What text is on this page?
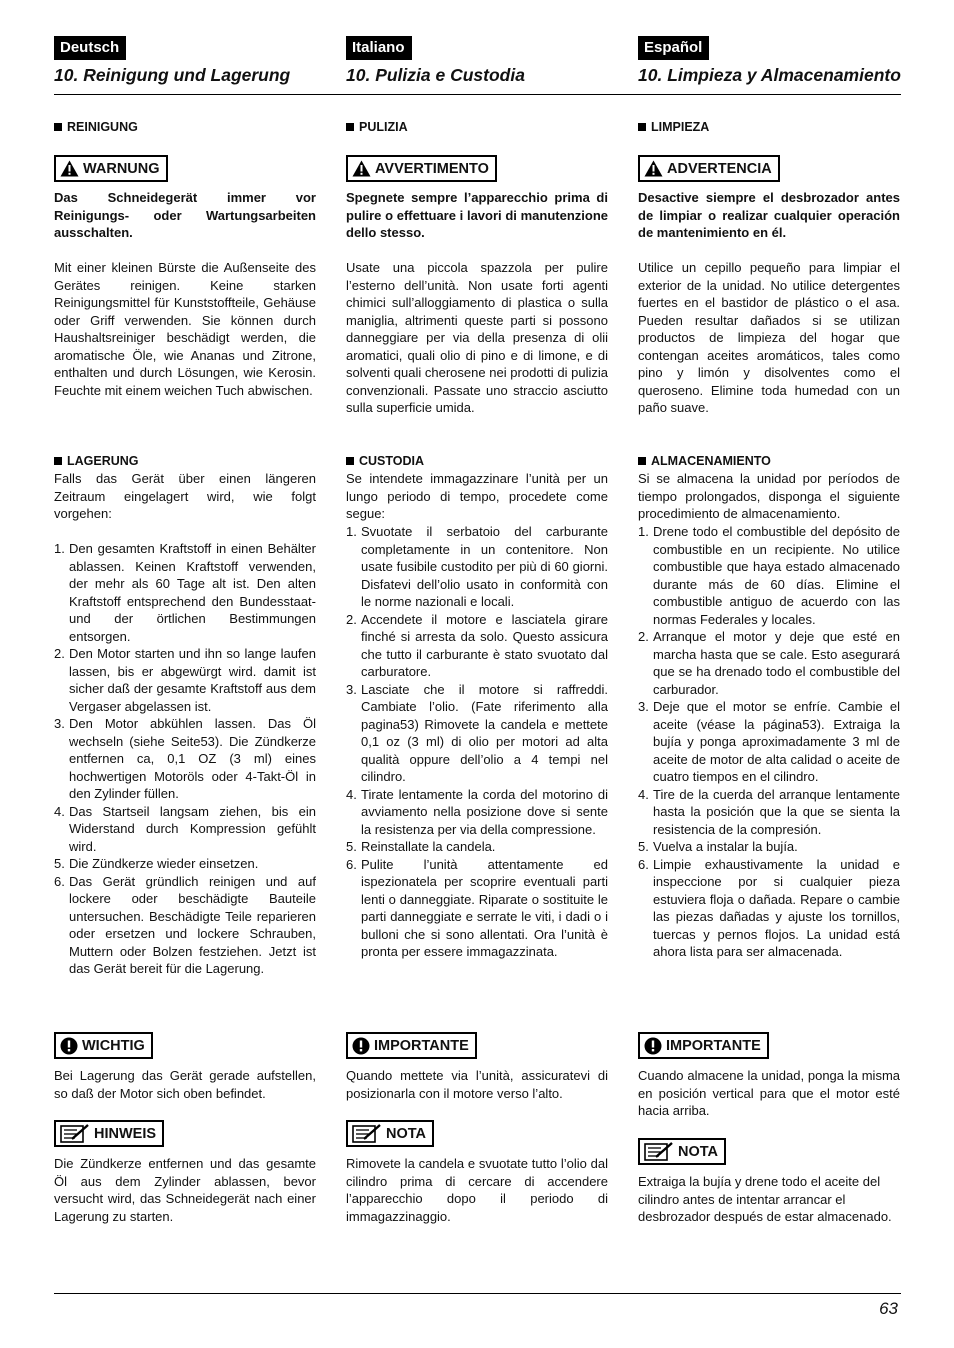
Deutsch
10. Reinigung und Lagerung

REINIGUNG

WARNUNG

Das Schneidegerät immer vor Reinigungs- oder Wartungsarbeiten ausschalten.

Mit einer kleinen Bürste die Außenseite des Gerätes reinigen. Keine starken Reinigungsmittel für Kunststoffteile, Gehäuse oder Griff verwenden. Sie können durch Haushaltsreiniger beschädigt werden, die aromatische Öle, wie Ananas und Zitrone, enthalten und durch Lösungen, wie Kerosin. Feuchte mit einem weichen Tuch abwischen.

LAGERUNG

Falls das Gerät über einen längeren Zeitraum eingelagert wird, wie folgt vorgehen:

1. Den gesamten Kraftstoff in einen Behälter ablassen. Keinen Kraftstoff verwenden, der mehr als 60 Tage alt ist. Den alten Kraftstoff entsprechend den Bundesstaat- und der örtlichen Bestimmungen entsorgen.
2. Den Motor starten und ihn so lange laufen lassen, bis er abgewürgt wird. damit ist sicher daß der gesamte Kraftstoff aus dem Vergaser abgelassen ist.
3. Den Motor abkühlen lassen. Das Öl wechseln (siehe Seite53). Die Zündkerze entfernen ca, 0,1 OZ (3 ml) eines hochwertigen Motoröls oder 4-Takt-Öl in den Zylinder füllen.
4. Das Startseil langsam ziehen, bis ein Widerstand durch Kompression gefühlt wird.
5. Die Zündkerze wieder einsetzen.
6. Das Gerät gründlich reinigen und auf lockere oder beschädigte Bauteile untersuchen. Beschädigte Teile reparieren oder ersetzen und lockere Schrauben, Muttern oder Bolzen festziehen. Jetzt ist das Gerät bereit für die Lagerung.
WICHTIG

Bei Lagerung das Gerät gerade aufstellen, so daß der Motor sich oben befindet.

HINWEIS

Die Zündkerze entfernen und das gesamte Öl aus dem Zylinder ablassen, bevor versucht wird, das Schneidegerät nach einer Lagerung zu starten.

Italiano
10. Pulizia e Custodia

PULIZIA

AVVERTIMENTO

Spegnete sempre l’apparecchio prima di pulire o effettuare i lavori di manutenzione dello stesso.

Usate una piccola spazzola per pulire l’esterno dell’unità. Non usate forti agenti chimici sull’alloggiamento di plastica o sulla maniglia, altrimenti queste parti si possono danneggiare per via della presenza di olii aromatici, quali olio di pino e di limone, e di solventi quali cherosene nei prodotti di pulizia convenzionali. Passate uno straccio asciutto sulla superficie umida.

CUSTODIA

Se intendete immagazzinare l’unità per un lungo periodo di tempo, procedete come segue:

1. Svuotate il serbatoio del carburante completamente in un contenitore. Non usate fusibile custodito per più di 60 giorni. Disfatevi dell’olio usato in conformità con le norme nazionali e locali.
2. Accendete il motore e lasciatela girare finché si arresta da solo. Questo assicura che tutto il carburante è stato svuotato dal carburatore.
3. Lasciate che il motore si raffreddi. Cambiate l’olio. (Fate riferimento alla pagina53) Rimovete la candela e mettete 0,1 oz (3 ml) di olio per motori ad alta qualità oppure dell’olio a 4 tempi nel cilindro.
4. Tirate lentamente la corda del motorino di avviamento nella posizione dove si sente la resistenza per via della compressione.
5. Reinstallate la candela.
6. Pulite l’unità attentamente ed ispezionatela per scoprire eventuali parti lenti o danneggiate. Riparate o sostituite le parti danneggiate e serrate le viti, i dadi o i bulloni che si sono allentati. Ora l’unità è pronta per essere immagazzinata.
IMPORTANTE

Quando mettete via l’unità, assicuratevi di posizionarla con il motore verso l’alto.

NOTA

Rimovete la candela e svuotate tutto l’olio dal cilindro prima di cercare di accendere l’apparecchio dopo il periodo di immagazzinaggio.

Español
10. Limpieza y Almacenamiento

LIMPIEZA

ADVERTENCIA

Desactive siempre el desbrozador antes de limpiar o realizar cualquier operación de mantenimiento en él.

Utilice un cepillo pequeño para limpiar el exterior de la unidad. No utilice detergentes fuertes en el bastidor de plástico o el asa. Pueden resultar dañados si se utilizan productos de limpieza del hogar que contengan aceites aromáticos, tales como pino y limón y disolventes como el queroseno. Elimine toda humedad con un paño suave.

ALMACENAMIENTO

Si se almacena la unidad por períodos de tiempo prolongados, disponga el siguiente procedimiento de almacenamiento.

1. Drene todo el combustible del depósito de combustible en un recipiente. No utilice combustible que haya estado almacenado durante más de 60 días. Elimine el combustible antiguo de acuerdo con las normas Federales y locales.
2. Arranque el motor y deje que esté en marcha hasta que se cale. Esto asegurará que se ha drenado todo el combustible del carburador.
3. Deje que el motor se enfríe. Cambie el aceite (véase la página53). Extraiga la bujía y ponga aproximadamente 3 ml de aceite de motor de alta calidad o aceite de cuatro tiempos en el cilindro.
4. Tire de la cuerda del arranque lentamente hasta la posición que la que se sienta la resistencia de la compresión.
5. Vuelva a instalar la bujía.
6. Limpie exhaustivamente la unidad e inspeccione por si cualquier pieza estuviera floja o dañada. Repare o cambie las piezas dañadas y ajuste los tornillos, tuercas y pernos flojos. La unidad está ahora lista para ser almacenada.
IMPORTANTE

Cuando almacene la unidad, ponga la misma en posición vertical para que el motor esté hacia arriba.

NOTA

Extraiga la bujía y drene todo el aceite del cilindro antes de intentar arrancar el desbrozador después de estar almacenado.

63
